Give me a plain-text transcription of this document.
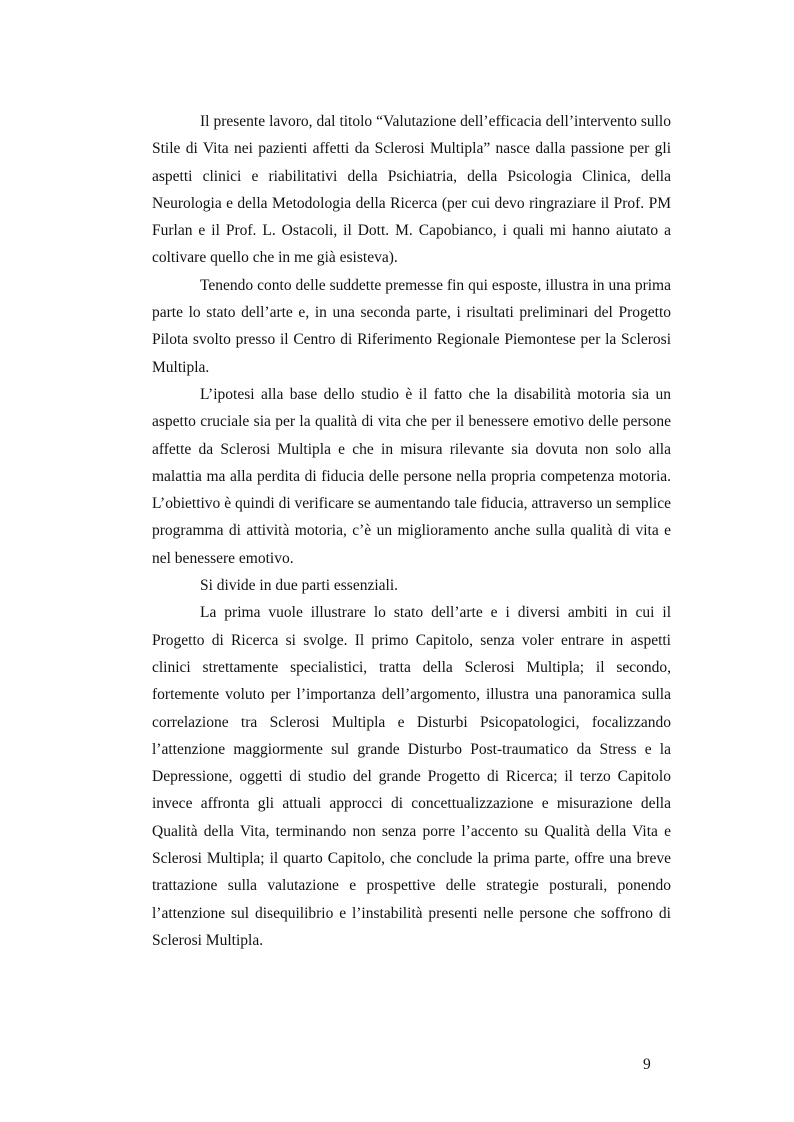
Il presente lavoro, dal titolo “Valutazione dell’efficacia dell’intervento sullo Stile di Vita nei pazienti affetti da Sclerosi Multipla” nasce dalla passione per gli aspetti clinici e riabilitativi della Psichiatria, della Psicologia Clinica, della Neurologia e della Metodologia della Ricerca (per cui devo ringraziare il Prof. PM Furlan e il Prof. L. Ostacoli, il Dott. M. Capobianco, i quali mi hanno aiutato a coltivare quello che in me già esisteva).

Tenendo conto delle suddette premesse fin qui esposte, illustra in una prima parte lo stato dell’arte e, in una seconda parte, i risultati preliminari del Progetto Pilota svolto presso il Centro di Riferimento Regionale Piemontese per la Sclerosi Multipla.

L’ipotesi alla base dello studio è il fatto che la disabilità motoria sia un aspetto cruciale sia per la qualità di vita che per il benessere emotivo delle persone affette da Sclerosi Multipla e che in misura rilevante sia dovuta non solo alla malattia ma alla perdita di fiducia delle persone nella propria competenza motoria. L’obiettivo è quindi di verificare se aumentando tale fiducia, attraverso un semplice programma di attività motoria, c’è un miglioramento anche sulla qualità di vita e nel benessere emotivo.

Si divide in due parti essenziali.

La prima vuole illustrare lo stato dell’arte e i diversi ambiti in cui il Progetto di Ricerca si svolge. Il primo Capitolo, senza voler entrare in aspetti clinici strettamente specialistici, tratta della Sclerosi Multipla; il secondo, fortemente voluto per l’importanza dell’argomento, illustra una panoramica sulla correlazione tra Sclerosi Multipla e Disturbi Psicopatologici, focalizzando l’attenzione maggiormente sul grande Disturbo Post-traumatico da Stress e la Depressione, oggetti di studio del grande Progetto di Ricerca; il terzo Capitolo invece affronta gli attuali approcci di concettualizzazione e misurazione della Qualità della Vita, terminando non senza porre l’accento su Qualità della Vita e Sclerosi Multipla; il quarto Capitolo, che conclude la prima parte, offre una breve trattazione sulla valutazione e prospettive delle strategie posturali, ponendo l’attenzione sul disequilibrio e l’instabilità presenti nelle persone che soffrono di Sclerosi Multipla.

9
